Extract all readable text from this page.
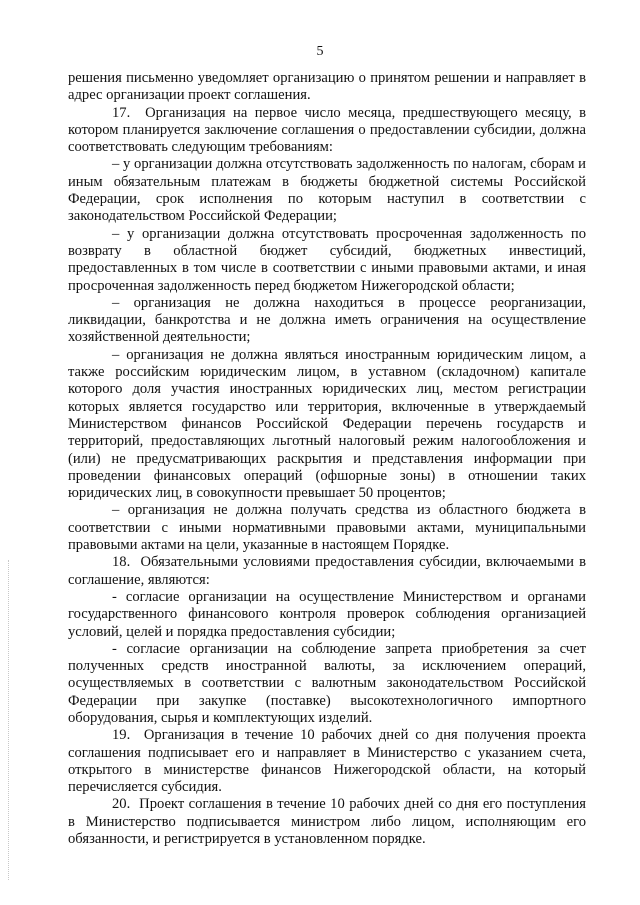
5

решения письменно уведомляет организацию о принятом решении и направляет в адрес организации проект соглашения.

17.  Организация на первое число месяца, предшествующего месяцу, в котором планируется заключение соглашения о предоставлении субсидии, должна соответствовать следующим требованиям:

– у организации должна отсутствовать задолженность по налогам, сборам и иным обязательным платежам в бюджеты бюджетной системы Российской Федерации, срок исполнения по которым наступил в соответствии с законодательством Российской Федерации;

– у организации должна отсутствовать просроченная задолженность по возврату в областной бюджет субсидий, бюджетных инвестиций, предоставленных в том числе в соответствии с иными правовыми актами, и иная просроченная задолженность перед бюджетом Нижегородской области;

– организация не должна находиться в процессе реорганизации, ликвидации, банкротства и не должна иметь ограничения на осуществление хозяйственной деятельности;

– организация не должна являться иностранным юридическим лицом, а также российским юридическим лицом, в уставном (складочном) капитале которого доля участия иностранных юридических лиц, местом регистрации которых является государство или территория, включенные в утверждаемый Министерством финансов Российской Федерации перечень государств и территорий, предоставляющих льготный налоговый режим налогообложения и (или) не предусматривающих раскрытия и представления информации при проведении финансовых операций (офшорные зоны) в отношении таких юридических лиц, в совокупности превышает 50 процентов;

– организация не должна получать средства из областного бюджета в соответствии с иными нормативными правовыми актами, муниципальными правовыми актами на цели, указанные в настоящем Порядке.

18.  Обязательными условиями предоставления субсидии, включаемыми в соглашение, являются:

- согласие организации на осуществление Министерством и органами государственного финансового контроля проверок соблюдения организацией условий, целей и порядка предоставления субсидии;

- согласие организации на соблюдение запрета приобретения за счет полученных средств иностранной валюты, за исключением операций, осуществляемых в соответствии с валютным законодательством Российской Федерации при закупке (поставке) высокотехнологичного импортного оборудования, сырья и комплектующих изделий.

19.  Организация в течение 10 рабочих дней со дня получения проекта соглашения подписывает его и направляет в Министерство с указанием счета, открытого в министерстве финансов Нижегородской области, на который перечисляется субсидия.

20.  Проект соглашения в течение 10 рабочих дней со дня его поступления в Министерство подписывается министром либо лицом, исполняющим его обязанности, и регистрируется в установленном порядке.
